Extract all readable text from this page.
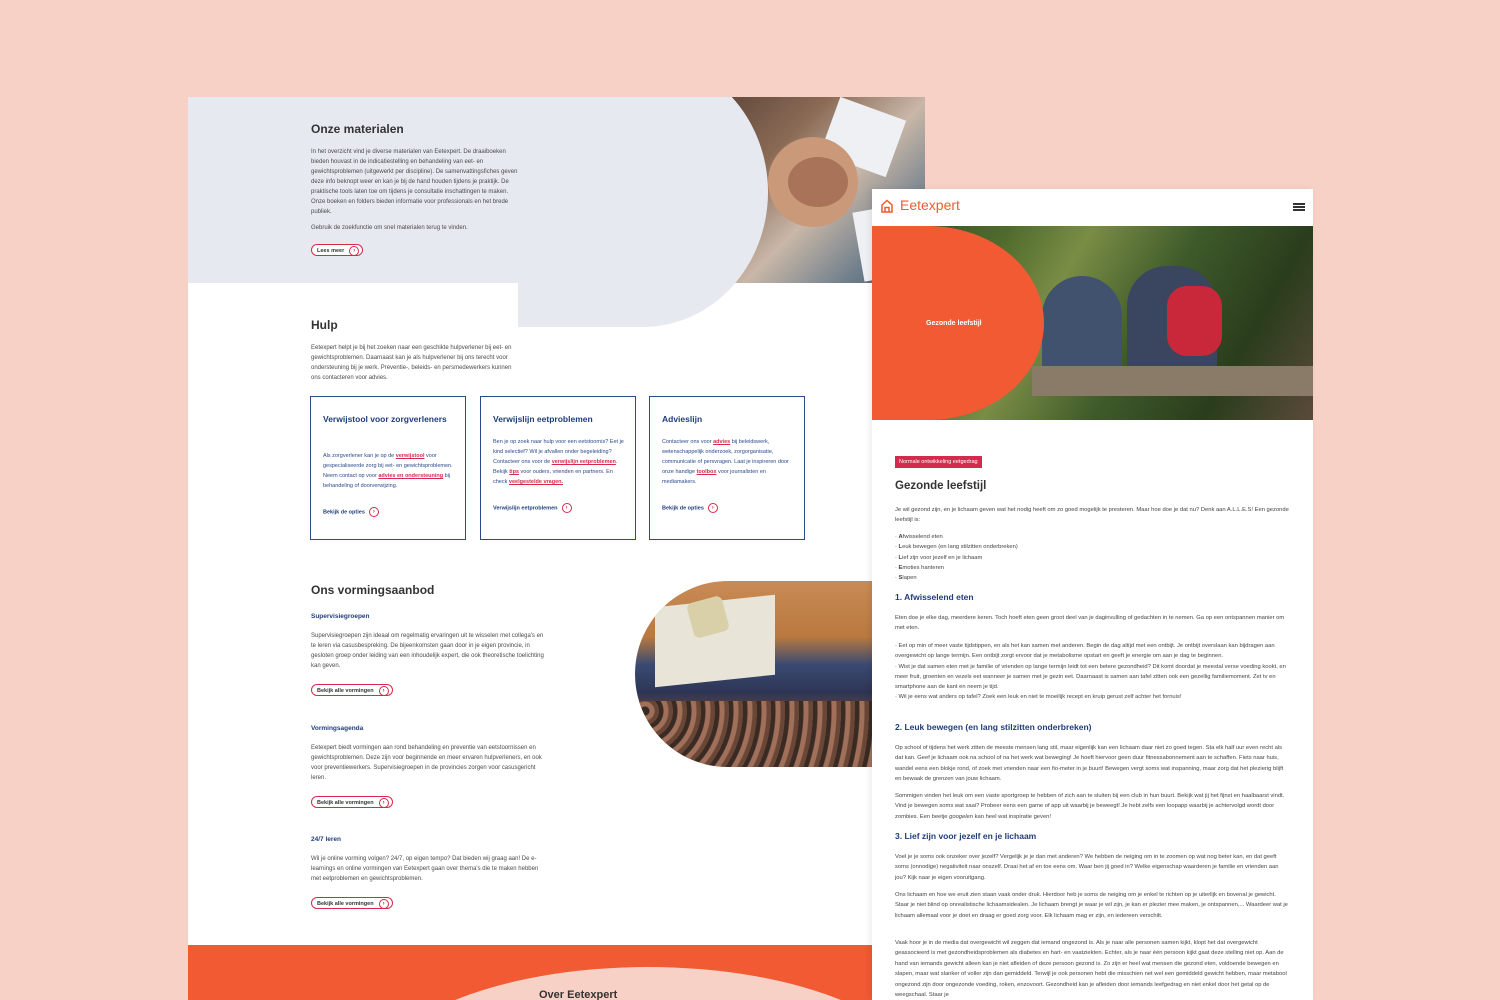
Onze materialen

In het overzicht vind je diverse materialen van Eetexpert. De draaiboeken bieden houvast in de indicatiestelling en behandeling van eet- en gewichtsproblemen (uitgewerkt per discipline). De samenvattingsfiches geven deze info beknopt weer en kan je bij de hand houden tijdens je praktijk. De praktische tools laten toe om tijdens je consultatie inschattingen te maken. Onze boeken en folders bieden informatie voor professionals en het brede publiek.

Gebruik de zoekfunctie om snel materialen terug te vinden.

Lees meer	›
Hulp

Eetexpert helpt je bij het zoeken naar een geschikte hulpverlener bij eet- en gewichtsproblemen. Daarnaast kan je als hulpverlener bij ons terecht voor ondersteuning bij je werk. Preventie-, beleids- en persmedewerkers kunnen ons contacteren voor advies.

Verwijstool voor zorgverleners

Als zorgverlener kan je op de verwijstool voor gespecialiseerde zorg bij eet- en gewichtsproblemen. Neem contact op voor advies en ondersteuning bij behandeling of doorverwijzing.

Bekijk de opties ›
Verwijslijn eetproblemen

Ben je op zoek naar hulp voor een eetstoornis? Eet je kind selectief? Wil je afvallen onder begeleiding? Contacteer ons voor de verwijslijn eetproblemen. Bekijk tips voor ouders, vrienden en partners. En check veelgestelde vragen.

Verwijslijn eetproblemen ›
Advieslijn

Contacteer ons voor advies bij beleidswerk, wetenschappelijk onderzoek, zorgorganisatie, communicatie of persvragen. Laat je inspireren door onze handige toolbox voor journalisten en mediamakers.

Bekijk de opties ›
Ons vormingsaanbod
Supervisiegroepen

Supervisiegroepen zijn ideaal om regelmatig ervaringen uit te wisselen met collega's en te leren via casusbespreking. De bijeenkomsten gaan door in je eigen provincie, in gesloten groep onder leiding van een inhoudelijk expert, die ook theoretische toelichting kan geven.

Bekijk alle vormingen	›
Vormingsagenda

Eetexpert biedt vormingen aan rond behandeling en preventie van eetstoornissen en gewichtsproblemen. Deze zijn voor beginnende en meer ervaren hulpverleners, en ook voor preventiewerkers. Supervisiegroepen in de provincies zorgen voor casusgericht leren.

Bekijk alle vormingen	›
24/7 leren

Wil je online vorming volgen? 24/7, op eigen tempo? Dat bieden wij graag aan! De e-learnings en online vormingen van Eetexpert gaan over thema's die te maken hebben met eetproblemen en gewichtsproblemen.

Bekijk alle vormingen	›
Over Eetexpert
Eetexpert
Gezonde leefstijl
Normale ontwikkeling eetgedrag
Gezonde leefstijl

Je wil gezond zijn, en je lichaam geven wat het nodig heeft om zo goed mogelijk te presteren. Maar hoe doe je dat nu? Denk aan A.L.L.E.S! Een gezonde leefstijl is:

· Afwisselend eten
· Leuk bewegen (en lang stilzitten onderbreken)
· Lief zijn voor jezelf en je lichaam
· Emoties hanteren
· Slapen
1. Afwisselend eten

Eten doe je elke dag, meerdere keren. Toch hoeft eten geen groot deel van je daginvulling of gedachten in te nemen. Ga op een ontspannen manier om met eten.

· Eet op min of meer vaste tijdstippen, en als het kan samen met anderen. Begin de dag altijd met een ontbijt. Je ontbijt overslaan kan bijdragen aan overgewicht op lange termijn. Een ontbijt zorgt ervoor dat je metabolisme opstart en geeft je energie om aan je dag te beginnen.
· Wist je dat samen eten met je familie of vrienden op lange termijn leidt tot een betere gezondheid? Dit komt doordat je meestal verse voeding kookt, en meer fruit, groenten en vezels eet wanneer je samen met je gezin eet. Daarnaast is samen aan tafel zitten ook een gezellig familiemoment. Zet tv en smartphone aan de kant en neem je tijd.
· Wil je eens wat anders op tafel? Zoek een leuk en niet te moeilijk recept en kruip gerust zelf achter het fornuis!
2. Leuk bewegen (en lang stilzitten onderbreken)

Op school of tijdens het werk zitten de meeste mensen lang stil, maar eigenlijk kan een lichaam daar niet zo goed tegen. Sta elk half uur even recht als dat kan. Geef je lichaam ook na school of na het werk wat beweging! Je hoeft hiervoor geen duur fitnessabonnement aan te schaffen. Fiets naar huis, wandel eens een blokje rond, of zoek met vrienden naar een fio-meter in je buurt! Bewegen vergt soms wat inspanning, maar zorg dat het plezierig blijft en bewaak de grenzen van jouw lichaam.

Sommigen vinden het leuk om een vaste sportgroep te hebben of zich aan te sluiten bij een club in hun buurt. Bekijk wat jij het fijnst en haalbaarst vindt. Vind je bewegen soms wat saai? Probeer eens een game of app uit waarbij je beweegt! Je hebt zelfs een loopapp waarbij je achtervolgd wordt door zombies. Een beetje googelen kan heel wat inspiratie geven!

3. Lief zijn voor jezelf en je lichaam

Voel je je soms ook onzeker over jezelf? Vergelijk je je dan met anderen? We hebben de neiging om in te zoomen op wat nog beter kan, en dat geeft soms (onnodige) negativiteit naar onszelf. Draai het af en toe eens om. Waar ben jij goed in? Welke eigenschap waarderen je familie en vrienden aan jou? Kijk naar je eigen vooruitgang.

Ons lichaam en hoe we eruit zien staan vaak onder druk. Hierdoor heb je soms de neiging om je enkel te richten op je uiterlijk en bovenal je gewicht. Staar je niet blind op onrealistische lichaamsidealen. Je lichaam brengt je waar je wil zijn, je kan er plezier mee maken, je ontspannen,... Waardeer wat je lichaam allemaal voor je doet en draag er goed zorg voor. Elk lichaam mag er zijn, en iedereen verschilt.

Vaak hoor je in de media dat overgewicht wil zeggen dat iemand ongezond is. Als je naar alle personen samen kijkt, klopt het dat overgewicht geassocieerd is met gezondheidsproblemen als diabetes en hart- en vaatziekten. Echter, als je naar één persoon kijkt gaat deze stelling niet op. Aan de hand van iemands gewicht alleen kan je niet afleiden of deze persoon gezond is. Zo zijn er heel wat mensen die gezond eten, voldoende bewegen en slapen, maar wat slanker of voller zijn dan gemiddeld. Terwijl je ook personen hebt die misschien net wel een gemiddeld gewicht hebben, maar metabool ongezond zijn door ongezonde voeding, roken, enzovoort. Gezondheid kan je afleiden door iemands leefgedrag en niet enkel door het getal op de weegschaal. Staar je
